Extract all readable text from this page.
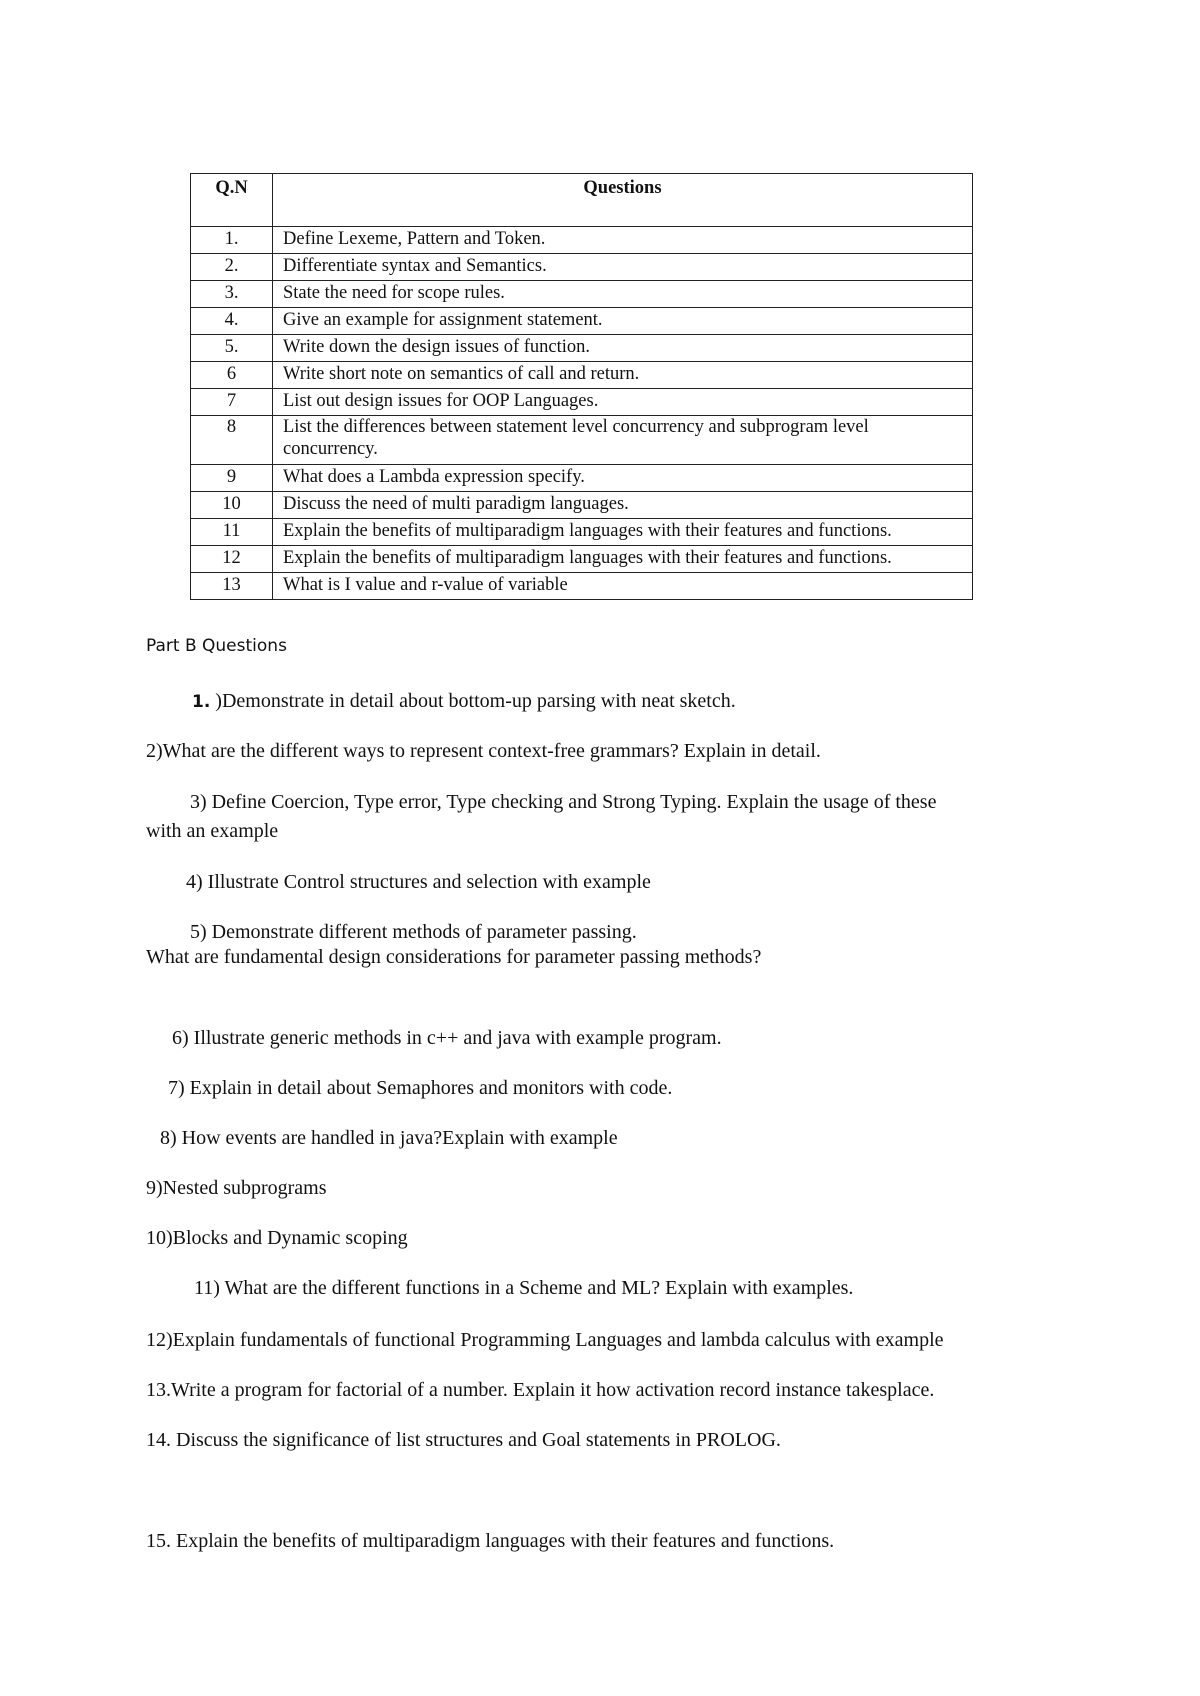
Q.N	Questions
1.	Define Lexeme, Pattern and Token.
2.	Differentiate syntax and Semantics.
3.	State the need for scope rules.
4.	Give an example for assignment statement.
5.	Write down the design issues of function.
6	Write short note on semantics of call and return.
7	List out design issues for OOP Languages.
8	List the differences between statement level concurrency and subprogram level concurrency.
9	What does a Lambda expression specify.
10	Discuss the need of multi paradigm languages.
11	Explain the benefits of multiparadigm languages with their features and functions.
12	Explain the benefits of multiparadigm languages with their features and functions.
13	What is I value and r-value of variable
Part B Questions
1. )Demonstrate in detail about bottom-up parsing with neat sketch.
2)What are the different ways to represent context-free grammars? Explain in detail.
3) Define Coercion, Type error, Type checking and Strong Typing. Explain the usage of these
with an example
4) Illustrate Control structures and selection with example
5) Demonstrate different methods of parameter passing.
What are fundamental design considerations for parameter passing methods?
6) Illustrate generic methods in c++ and java with example program.
7) Explain in detail about Semaphores and monitors with code.
8) How events are handled in java?Explain with example
9)Nested subprograms
10)Blocks and Dynamic scoping
11) What are the different functions in a Scheme and ML? Explain with examples.
12)Explain fundamentals of functional Programming Languages and lambda calculus with example
13.Write a program for factorial of a number. Explain it how activation record instance takesplace.
14. Discuss the significance of list structures and Goal statements in PROLOG.
15. Explain the benefits of multiparadigm languages with their features and functions.
